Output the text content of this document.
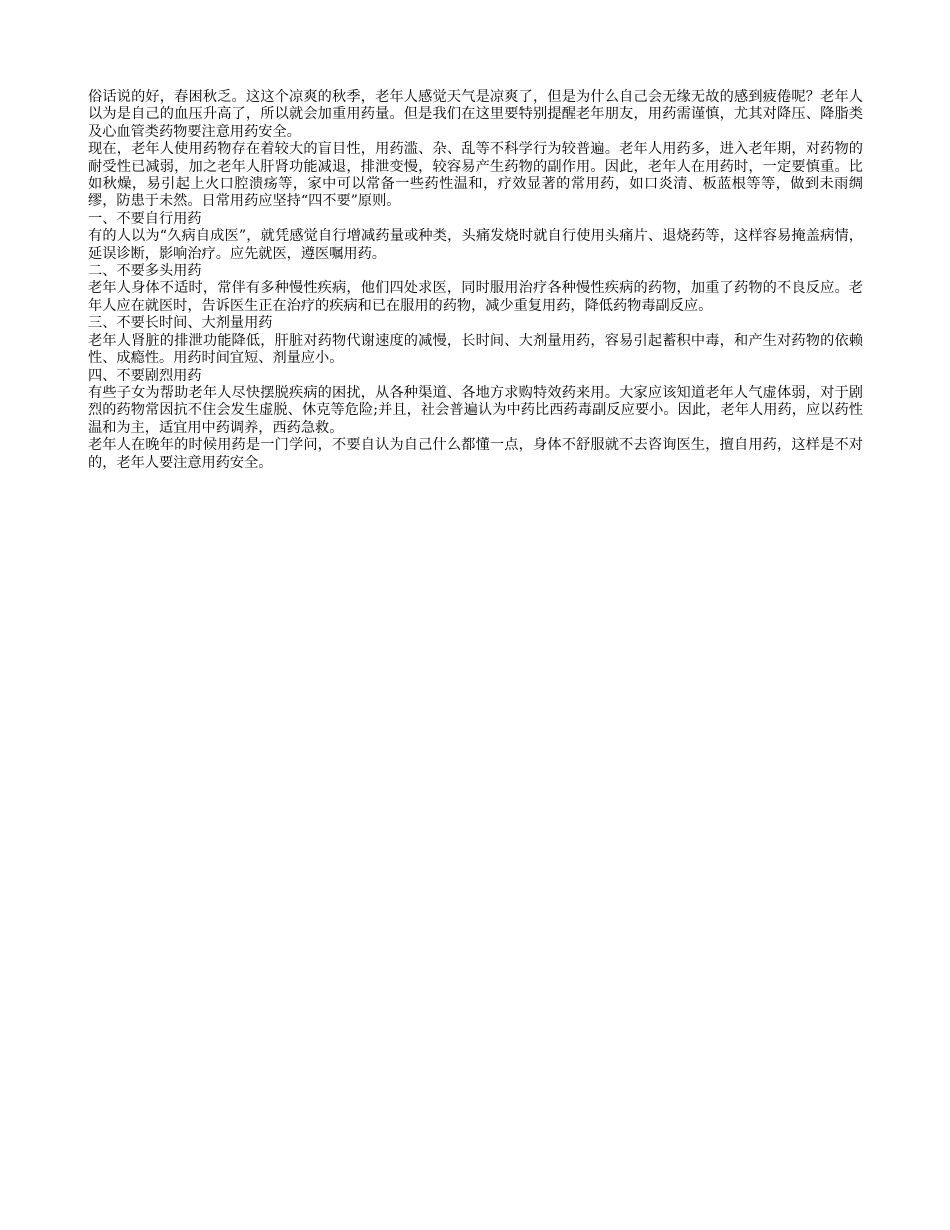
俗话说的好，春困秋乏。这这个凉爽的秋季，老年人感觉天气是凉爽了，但是为什么自己会无缘无故的感到疲倦呢？老年人以为是自己的血压升高了，所以就会加重用药量。但是我们在这里要特别提醒老年朋友，用药需谨慎，尤其对降压、降脂类及心血管类药物要注意用药安全。

现在，老年人使用药物存在着较大的盲目性，用药滥、杂、乱等不科学行为较普遍。老年人用药多，进入老年期，对药物的耐受性已减弱，加之老年人肝肾功能减退，排泄变慢，较容易产生药物的副作用。因此，老年人在用药时，一定要慎重。比如秋燥，易引起上火口腔溃疡等，家中可以常备一些药性温和，疗效显著的常用药，如口炎清、板蓝根等等，做到未雨绸缪，防患于未然。日常用药应坚持“四不要”原则。

一、不要自行用药

有的人以为“久病自成医”，就凭感觉自行增减药量或种类，头痛发烧时就自行使用头痛片、退烧药等，这样容易掩盖病情，延误诊断，影响治疗。应先就医，遵医嘱用药。

二、不要多头用药

老年人身体不适时，常伴有多种慢性疾病，他们四处求医，同时服用治疗各种慢性疾病的药物，加重了药物的不良反应。老年人应在就医时，告诉医生正在治疗的疾病和已在服用的药物，减少重复用药，降低药物毒副反应。

三、不要长时间、大剂量用药

老年人肾脏的排泄功能降低，肝脏对药物代谢速度的减慢，长时间、大剂量用药，容易引起蓄积中毒，和产生对药物的依赖性、成瘾性。用药时间宜短、剂量应小。

四、不要剧烈用药

有些子女为帮助老年人尽快摆脱疾病的困扰，从各种渠道、各地方求购特效药来用。大家应该知道老年人气虚体弱，对于剧烈的药物常因抗不住会发生虚脱、休克等危险;并且，社会普遍认为中药比西药毒副反应要小。因此，老年人用药，应以药性温和为主，适宜用中药调养，西药急救。

老年人在晚年的时候用药是一门学问，不要自认为自己什么都懂一点，身体不舒服就不去咨询医生，擅自用药，这样是不对的，老年人要注意用药安全。
